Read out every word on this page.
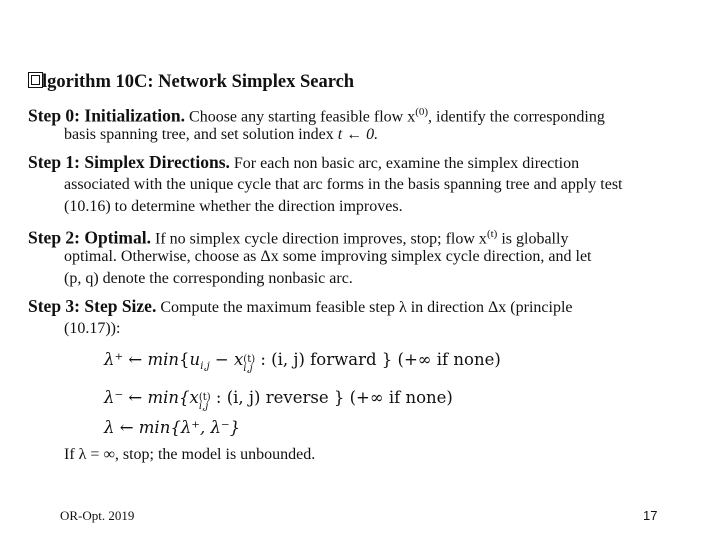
lgorithm 10C: Network Simplex Search
Step 0: Initialization. Choose any starting feasible flow $x^{(0)}$, identify the corresponding
basis spanning tree, and set solution index t ← 0.
Step 1: Simplex Directions. For each non basic arc, examine the simplex direction
associated with the unique cycle that arc forms in the basis spanning tree and apply test
(10.16) to determine whether the direction improves.
Step 2: Optimal. If no simplex cycle direction improves, stop; flow $x^{(t)}$ is globally
optimal. Otherwise, choose as Δx some improving simplex cycle direction, and let
(p, q) denote the corresponding nonbasic arc.
Step 3: Step Size. Compute the maximum feasible step λ in direction Δx (principle
(10.17)):
λ⁺ ← $\min\{u_{i,j} - x(t)$
i,j : (i, j) forward } (+∞ if none)
λ⁻ ← min{x(t)
i,j : (i, j) reverse } (+∞ if none)
λ ← min{λ⁺, λ⁻}
If λ = ∞, stop; the model is unbounded.
OR-Opt. 2019	17
